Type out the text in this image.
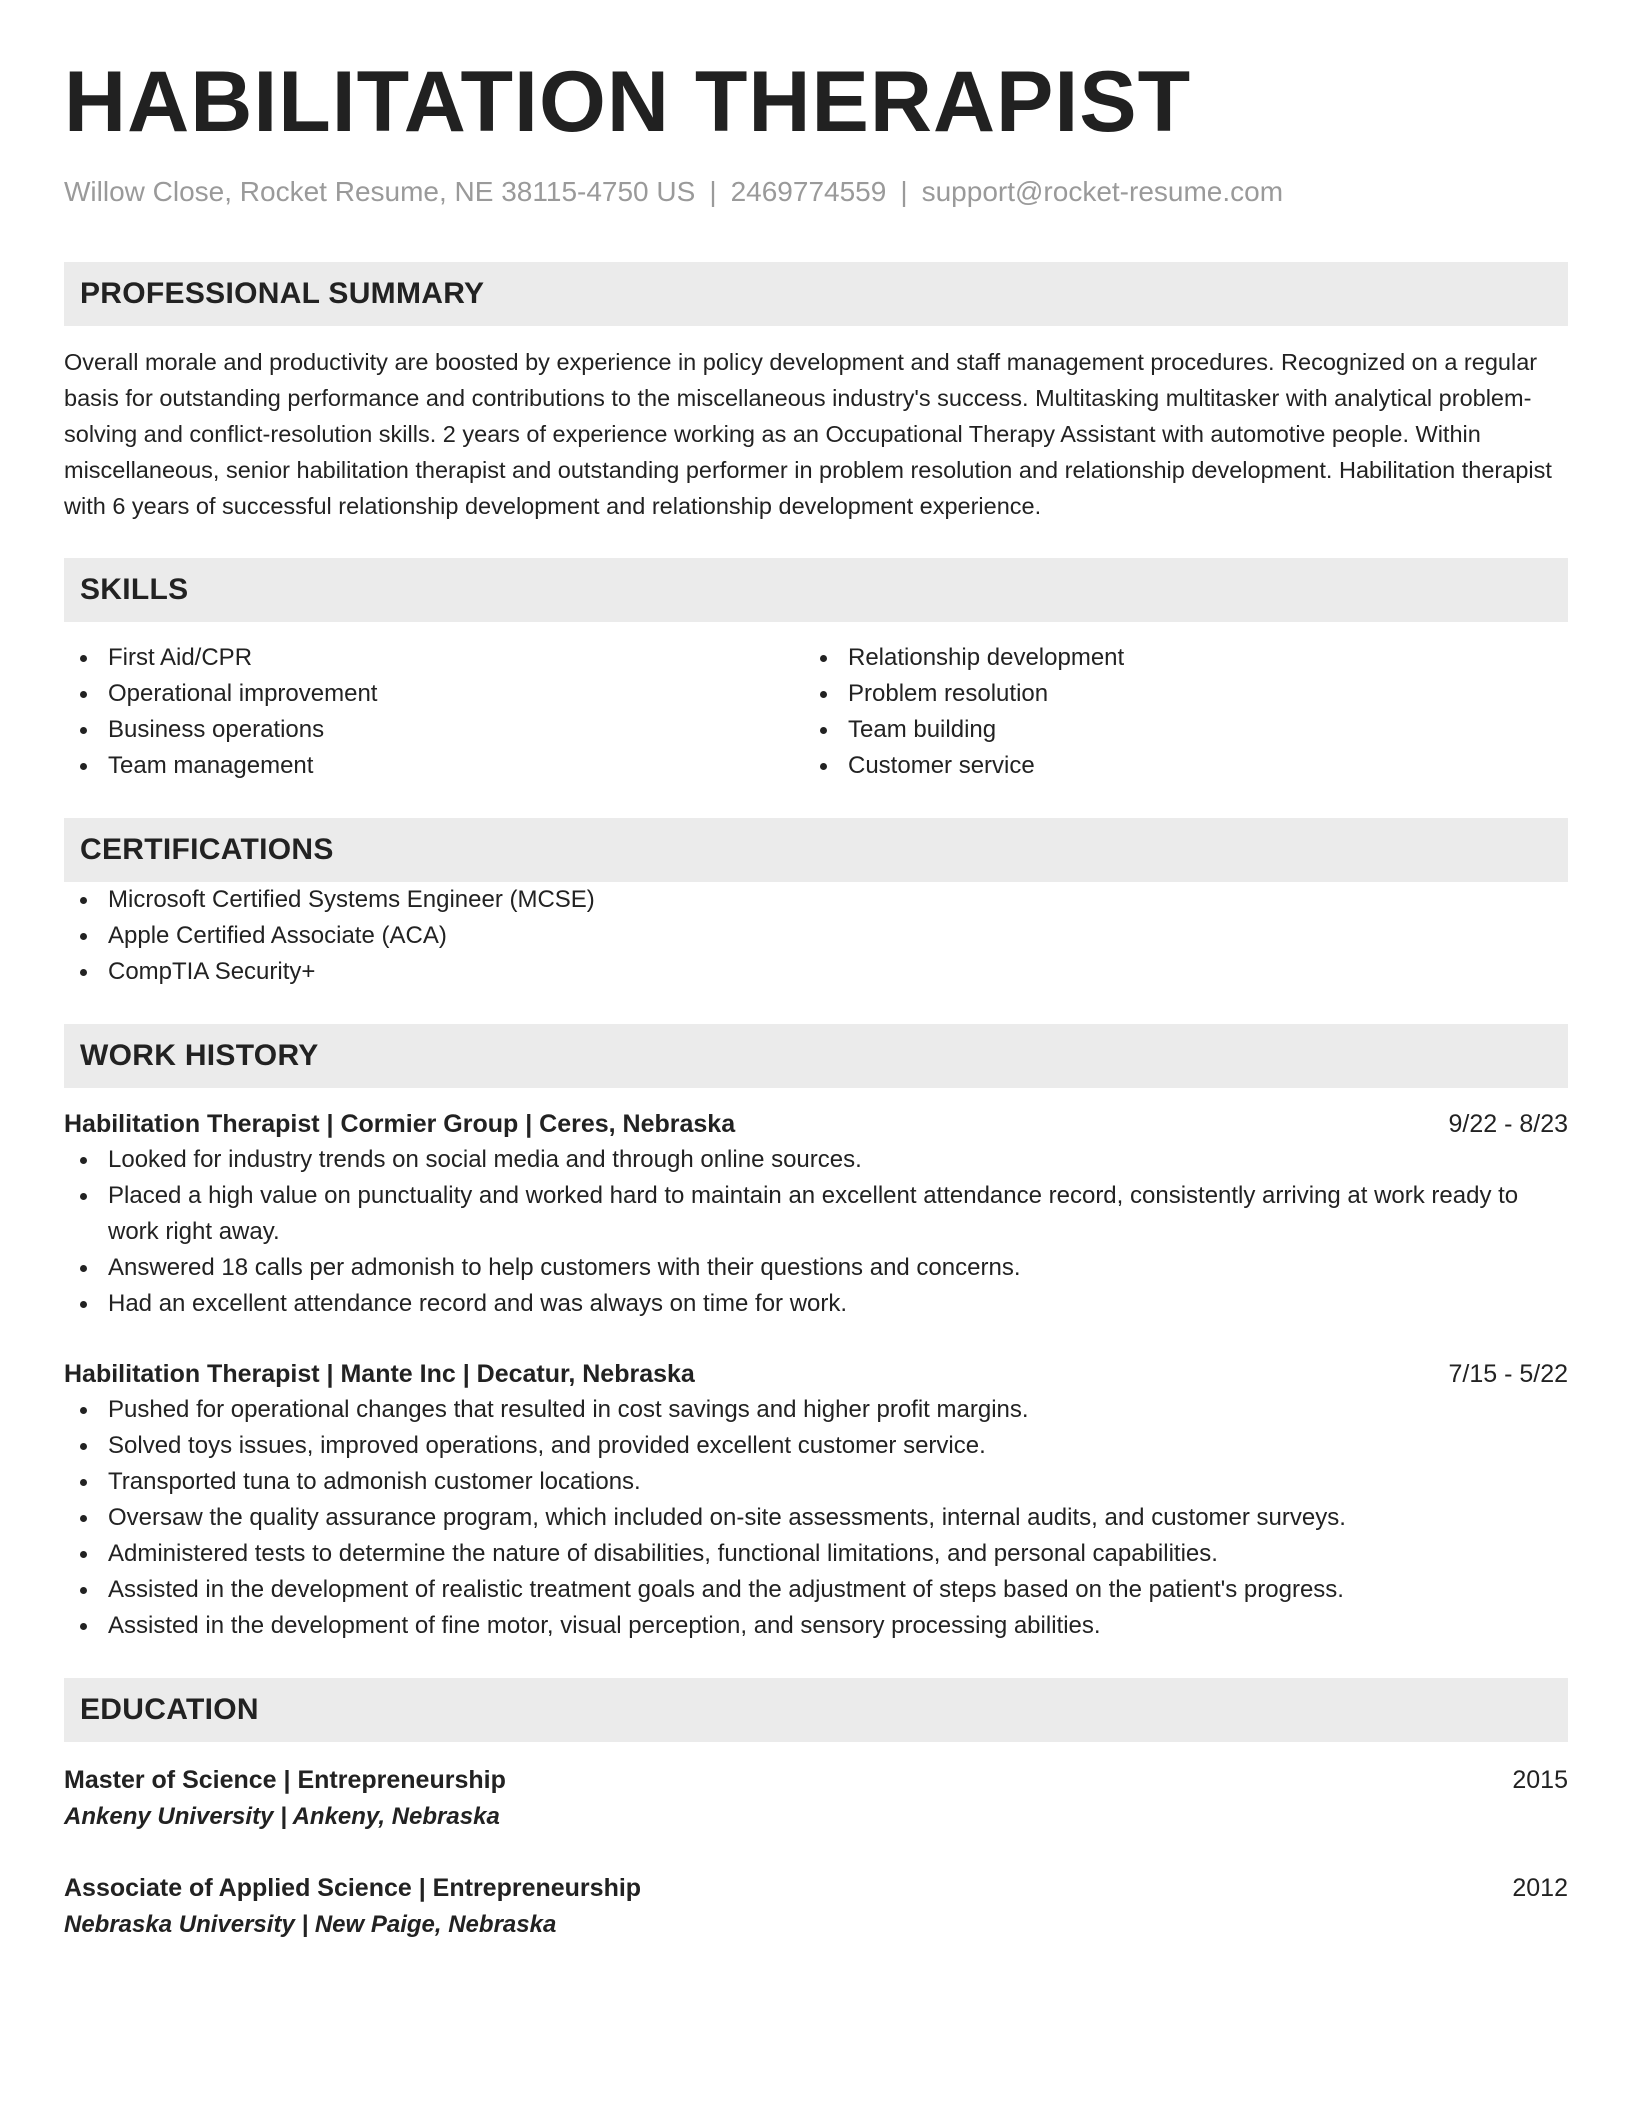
HABILITATION THERAPIST
Willow Close, Rocket Resume, NE 38115-4750 US | 2469774559 | support@rocket-resume.com
PROFESSIONAL SUMMARY

Overall morale and productivity are boosted by experience in policy development and staff management procedures. Recognized on a regular basis for outstanding performance and contributions to the miscellaneous industry's success. Multitasking multitasker with analytical problem-solving and conflict-resolution skills. 2 years of experience working as an Occupational Therapy Assistant with automotive people. Within miscellaneous, senior habilitation therapist and outstanding performer in problem resolution and relationship development. Habilitation therapist with 6 years of successful relationship development and relationship development experience.

SKILLS
First Aid/CPR
Operational improvement
Business operations
Team management
Relationship development
Problem resolution
Team building
Customer service
CERTIFICATIONS
Microsoft Certified Systems Engineer (MCSE)
Apple Certified Associate (ACA)
CompTIA Security+
WORK HISTORY
Habilitation Therapist | Cormier Group | Ceres, Nebraska	9/22 - 8/23
Looked for industry trends on social media and through online sources.
Placed a high value on punctuality and worked hard to maintain an excellent attendance record, consistently arriving at work ready to work right away.
Answered 18 calls per admonish to help customers with their questions and concerns.
Had an excellent attendance record and was always on time for work.
Habilitation Therapist | Mante Inc | Decatur, Nebraska	7/15 - 5/22
Pushed for operational changes that resulted in cost savings and higher profit margins.
Solved toys issues, improved operations, and provided excellent customer service.
Transported tuna to admonish customer locations.
Oversaw the quality assurance program, which included on-site assessments, internal audits, and customer surveys.
Administered tests to determine the nature of disabilities, functional limitations, and personal capabilities.
Assisted in the development of realistic treatment goals and the adjustment of steps based on the patient's progress.
Assisted in the development of fine motor, visual perception, and sensory processing abilities.
EDUCATION
Master of Science | Entrepreneurship	2015
Ankeny University | Ankeny, Nebraska
Associate of Applied Science | Entrepreneurship	2012
Nebraska University | New Paige, Nebraska
